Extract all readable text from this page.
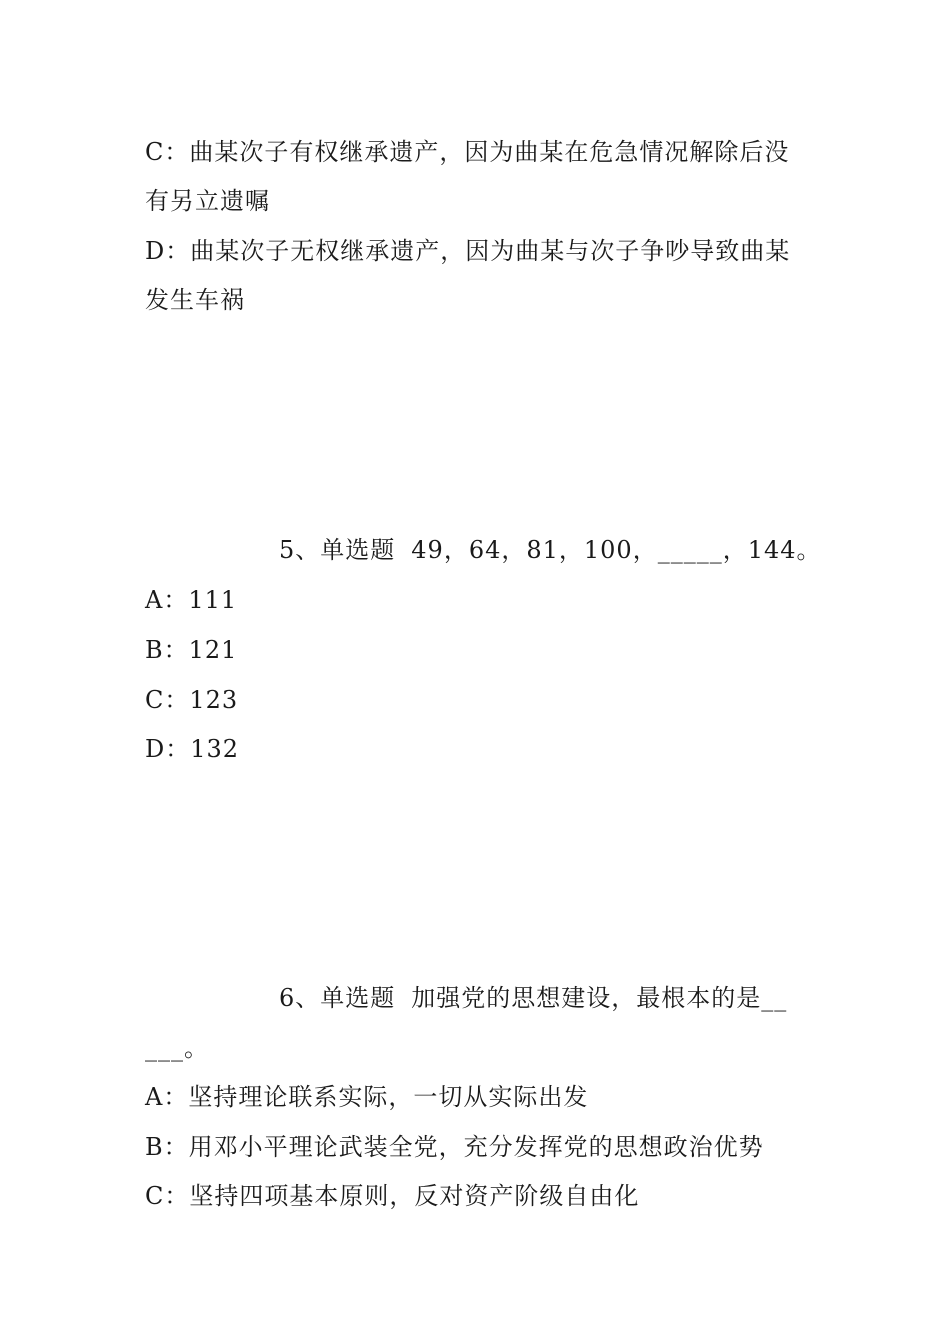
C：曲某次子有权继承遗产，因为曲某在危急情况解除后没
有另立遗嘱
D：曲某次子无权继承遗产，因为曲某与次子争吵导致曲某
发生车祸
5、单选题 49，64，81，100，_____，144。
A：111
B：121
C：123
D：132
6、单选题 加强党的思想建设，最根本的是__
___。
A：坚持理论联系实际，一切从实际出发
B：用邓小平理论武装全党，充分发挥党的思想政治优势
C：坚持四项基本原则，反对资产阶级自由化
